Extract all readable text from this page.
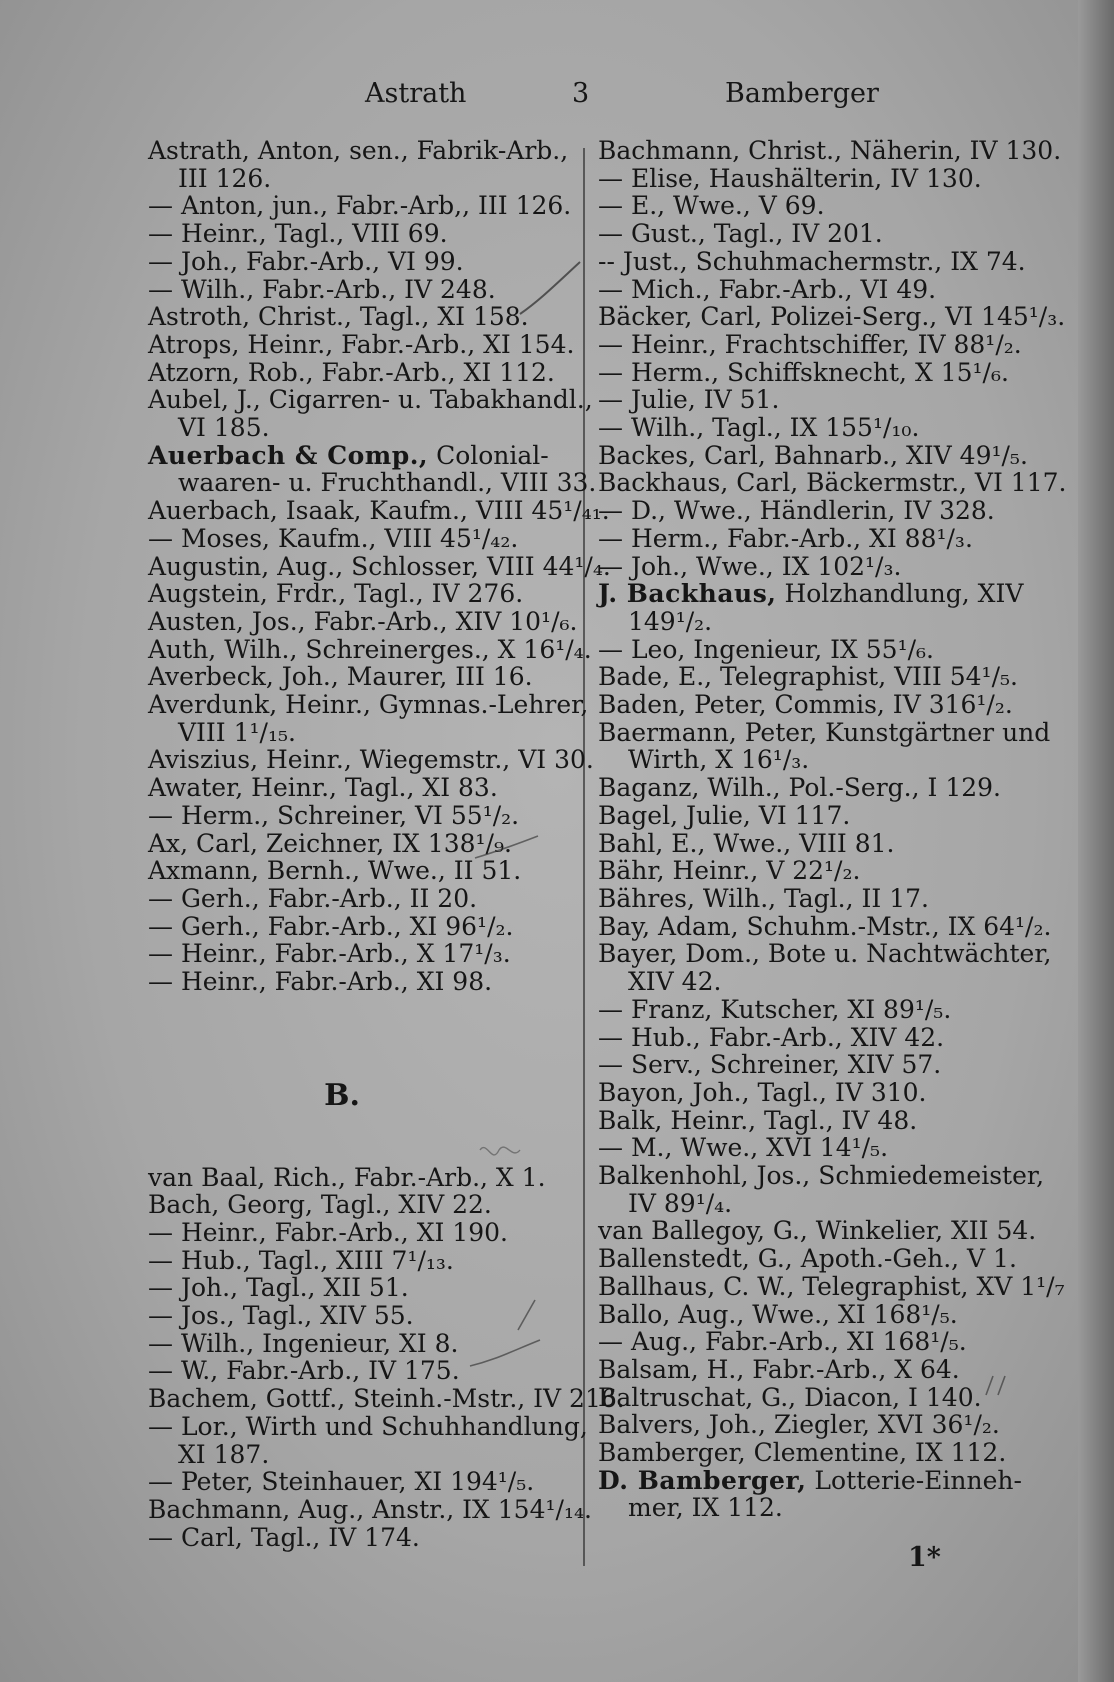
Astrath	3	Bamberger
Astrath, Anton, sen., Fabrik-Arb.,
III 126.
— Anton, jun., Fabr.-Arb,, III 126.
— Heinr., Tagl., VIII 69.
— Joh., Fabr.-Arb., VI 99.
— Wilh., Fabr.-Arb., IV 248.
Astroth, Christ., Tagl., XI 158.
Atrops, Heinr., Fabr.-Arb., XI 154.
Atzorn, Rob., Fabr.-Arb., XI 112.
Aubel, J., Cigarren- u. Tabakhandl.,
VI 185.
Auerbach & Comp., Colonial-
waaren- u. Fruchthandl., VIII 33.
Auerbach, Isaak, Kaufm., VIII 45¹/₄₁.
— Moses, Kaufm., VIII 45¹/₄₂.
Augustin, Aug., Schlosser, VIII 44¹/₄.
Augstein, Frdr., Tagl., IV 276.
Austen, Jos., Fabr.-Arb., XIV 10¹/₆.
Auth, Wilh., Schreinerges., X 16¹/₄.
Averbeck, Joh., Maurer, III 16.
Averdunk, Heinr., Gymnas.-Lehrer,
VIII 1¹/₁₅.
Aviszius, Heinr., Wiegemstr., VI 30.
Awater, Heinr., Tagl., XI 83.
— Herm., Schreiner, VI 55¹/₂.
Ax, Carl, Zeichner, IX 138¹/₉.
Axmann, Bernh., Wwe., II 51.
— Gerh., Fabr.-Arb., II 20.
— Gerh., Fabr.-Arb., XI 96¹/₂.
— Heinr., Fabr.-Arb., X 17¹/₃.
— Heinr., Fabr.-Arb., XI 98.
B.
van Baal, Rich., Fabr.-Arb., X 1.
Bach, Georg, Tagl., XIV 22.
— Heinr., Fabr.-Arb., XI 190.
— Hub., Tagl., XIII 7¹/₁₃.
— Joh., Tagl., XII 51.
— Jos., Tagl., XIV 55.
— Wilh., Ingenieur, XI 8.
— W., Fabr.-Arb., IV 175.
Bachem, Gottf., Steinh.-Mstr., IV 216.
— Lor., Wirth und Schuhhandlung,
XI 187.
— Peter, Steinhauer, XI 194¹/₅.
Bachmann, Aug., Anstr., IX 154¹/₁₄.
— Carl, Tagl., IV 174.
Bachmann, Christ., Näherin, IV 130.
— Elise, Haushälterin, IV 130.
— E., Wwe., V 69.
— Gust., Tagl., IV 201.
-- Just., Schuhmachermstr., IX 74.
— Mich., Fabr.-Arb., VI 49.
Bäcker, Carl, Polizei-Serg., VI 145¹/₃.
— Heinr., Frachtschiffer, IV 88¹/₂.
— Herm., Schiffsknecht, X 15¹/₆.
— Julie, IV 51.
— Wilh., Tagl., IX 155¹/₁₀.
Backes, Carl, Bahnarb., XIV 49¹/₅.
Backhaus, Carl, Bäckermstr., VI 117.
— D., Wwe., Händlerin, IV 328.
— Herm., Fabr.-Arb., XI 88¹/₃.
— Joh., Wwe., IX 102¹/₃.
J. Backhaus, Holzhandlung, XIV
149¹/₂.
— Leo, Ingenieur, IX 55¹/₆.
Bade, E., Telegraphist, VIII 54¹/₅.
Baden, Peter, Commis, IV 316¹/₂.
Baermann, Peter, Kunstgärtner und
Wirth, X 16¹/₃.
Baganz, Wilh., Pol.-Serg., I 129.
Bagel, Julie, VI 117.
Bahl, E., Wwe., VIII 81.
Bähr, Heinr., V 22¹/₂.
Bähres, Wilh., Tagl., II 17.
Bay, Adam, Schuhm.-Mstr., IX 64¹/₂.
Bayer, Dom., Bote u. Nachtwächter,
XIV 42.
— Franz, Kutscher, XI 89¹/₅.
— Hub., Fabr.-Arb., XIV 42.
— Serv., Schreiner, XIV 57.
Bayon, Joh., Tagl., IV 310.
Balk, Heinr., Tagl., IV 48.
— M., Wwe., XVI 14¹/₅.
Balkenhohl, Jos., Schmiedemeister,
IV 89¹/₄.
van Ballegoy, G., Winkelier, XII 54.
Ballenstedt, G., Apoth.-Geh., V 1.
Ballhaus, C. W., Telegraphist, XV 1¹/₇
Ballo, Aug., Wwe., XI 168¹/₅.
— Aug., Fabr.-Arb., XI 168¹/₅.
Balsam, H., Fabr.-Arb., X 64.
Baltruschat, G., Diacon, I 140.
Balvers, Joh., Ziegler, XVI 36¹/₂.
Bamberger, Clementine, IX 112.
D. Bamberger, Lotterie-Einneh-
mer, IX 112.
1*
